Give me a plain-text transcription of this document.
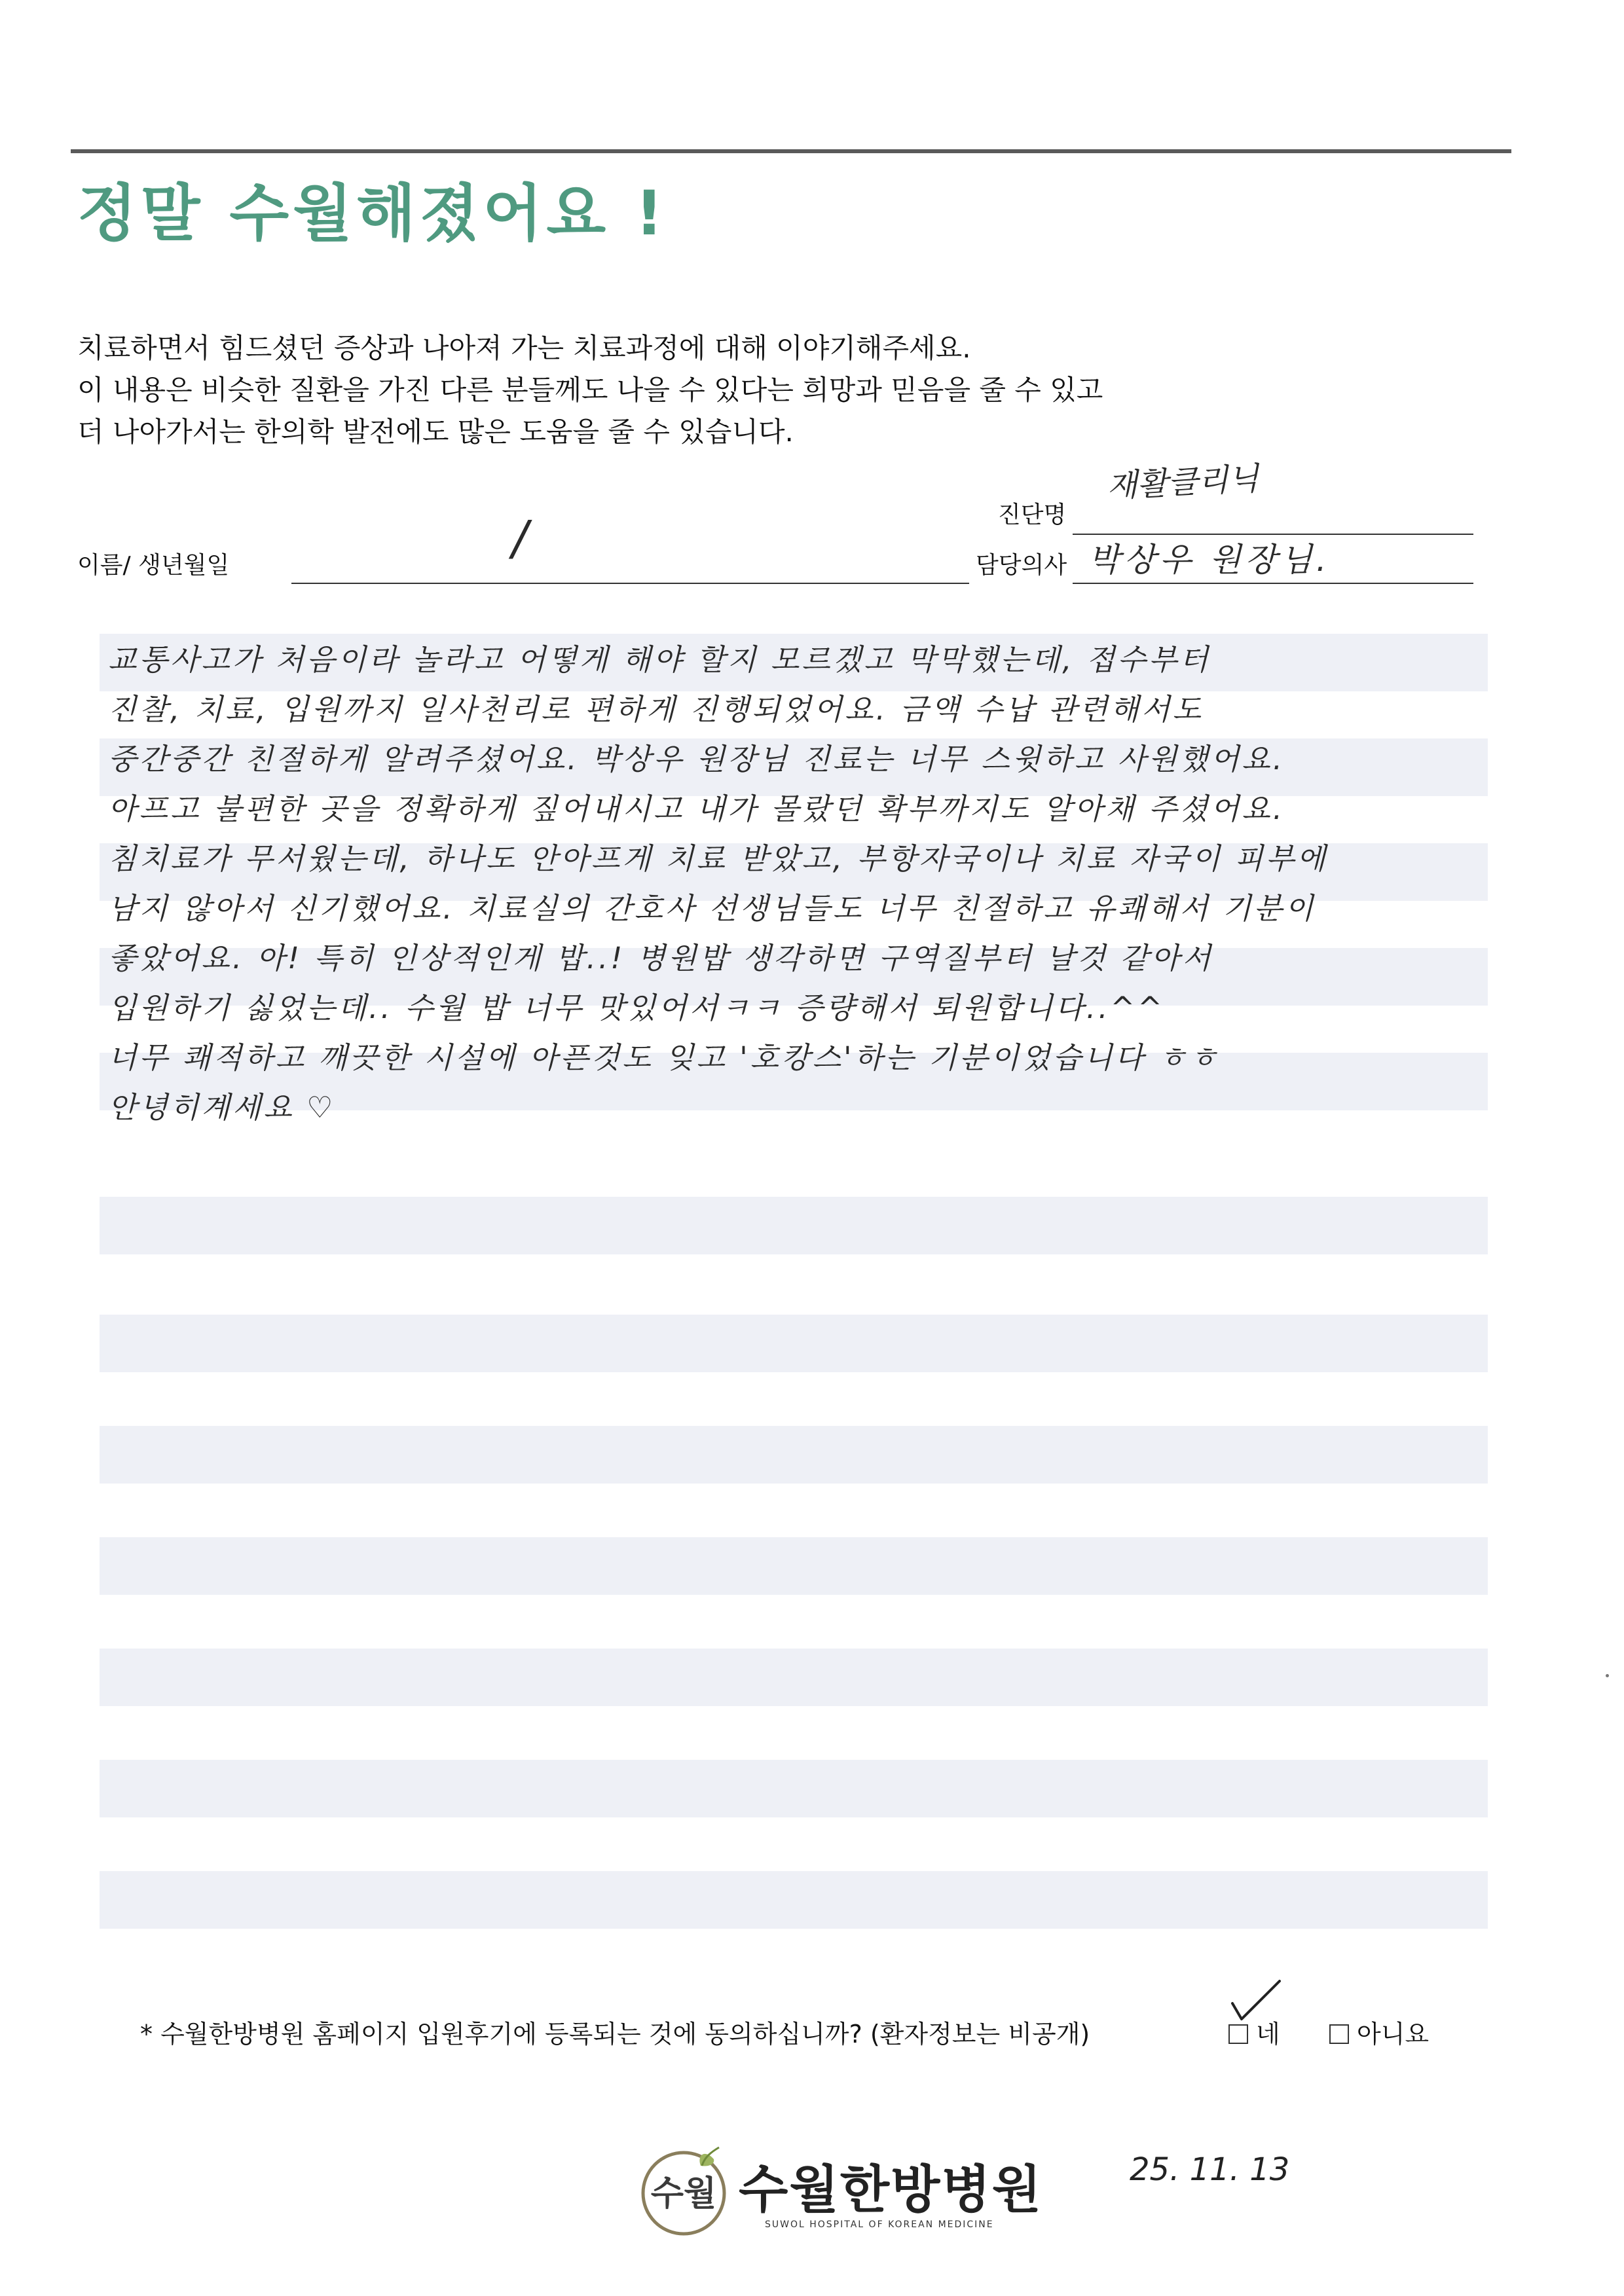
정말 수월해졌어요 !
치료하면서 힘드셨던 증상과 나아져 가는 치료과정에 대해 이야기해주세요.
이 내용은 비슷한 질환을 가진 다른 분들께도 나을 수 있다는 희망과 믿음을 줄 수 있고
더 나아가서는 한의학 발전에도 많은 도움을 줄 수 있습니다.
진단명
재활클리닉
이름/ 생년월일	/	담당의사 박상우 원장님.
교통사고가 처음이라 놀라고 어떻게 해야 할지 모르겠고 막막했는데, 접수부터
진찰, 치료, 입원까지 일사천리로 편하게 진행되었어요. 금액 수납 관련해서도
중간중간 친절하게 알려주셨어요. 박상우 원장님 진료는 너무 스윗하고 사원했어요.
아프고 불편한 곳을 정확하게 짚어내시고 내가 몰랐던 확부까지도 알아채 주셨어요.
침치료가 무서웠는데, 하나도 안아프게 치료 받았고, 부항자국이나 치료 자국이 피부에
남지 않아서 신기했어요. 치료실의 간호사 선생님들도 너무 친절하고 유쾌해서 기분이
좋았어요. 아! 특히 인상적인게 밥..! 병원밥 생각하면 구역질부터 날것 같아서
입원하기 싫었는데.. 수월 밥 너무 맛있어서ㅋㅋ 증량해서 퇴원합니다..^^
너무 쾌적하고 깨끗한 시설에 아픈것도 잊고 '호캉스'하는 기분이었습니다 ㅎㅎ
안녕히계세요 ♡
* 수월한방병원 홈페이지 입원후기에 등록되는 것에 동의하십니까? (환자정보는 비공개)	네	아니요
수월 수월한방병원
SUWOL HOSPITAL OF KOREAN MEDICINE
25. 11. 13
